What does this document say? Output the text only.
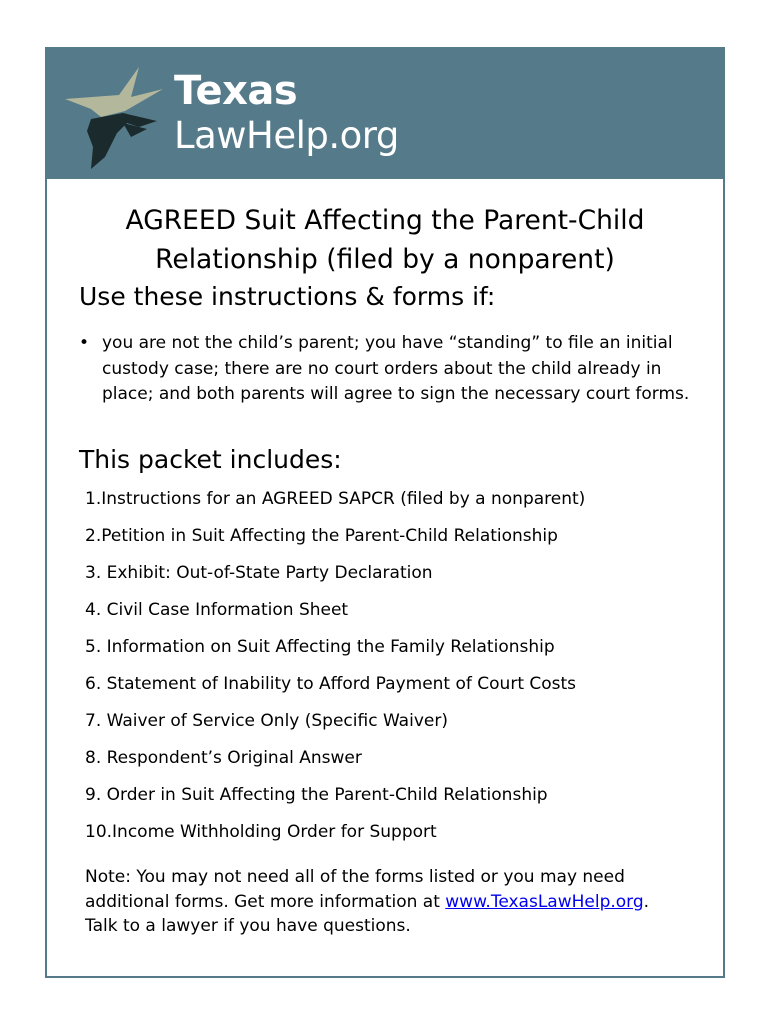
Texas
LawHelp.org
AGREED Suit Affecting the Parent-Child
Relationship (filed by a nonparent)
Use these instructions & forms if:
• you are not the child’s parent; you have “standing” to file an initial custody case; there are no court orders about the child already in place; and both parents will agree to sign the necessary court forms.
This packet includes:
1.Instructions for an AGREED SAPCR (filed by a nonparent)
2.Petition in Suit Affecting the Parent-Child Relationship
3. Exhibit: Out-of-State Party Declaration
4. Civil Case Information Sheet
5. Information on Suit Affecting the Family Relationship
6. Statement of Inability to Afford Payment of Court Costs
7. Waiver of Service Only (Specific Waiver)
8. Respondent’s Original Answer
9. Order in Suit Affecting the Parent-Child Relationship
10.Income Withholding Order for Support
Note: You may not need all of the forms listed or you may need additional forms. Get more information at www.TexasLawHelp.org.
Talk to a lawyer if you have questions.
